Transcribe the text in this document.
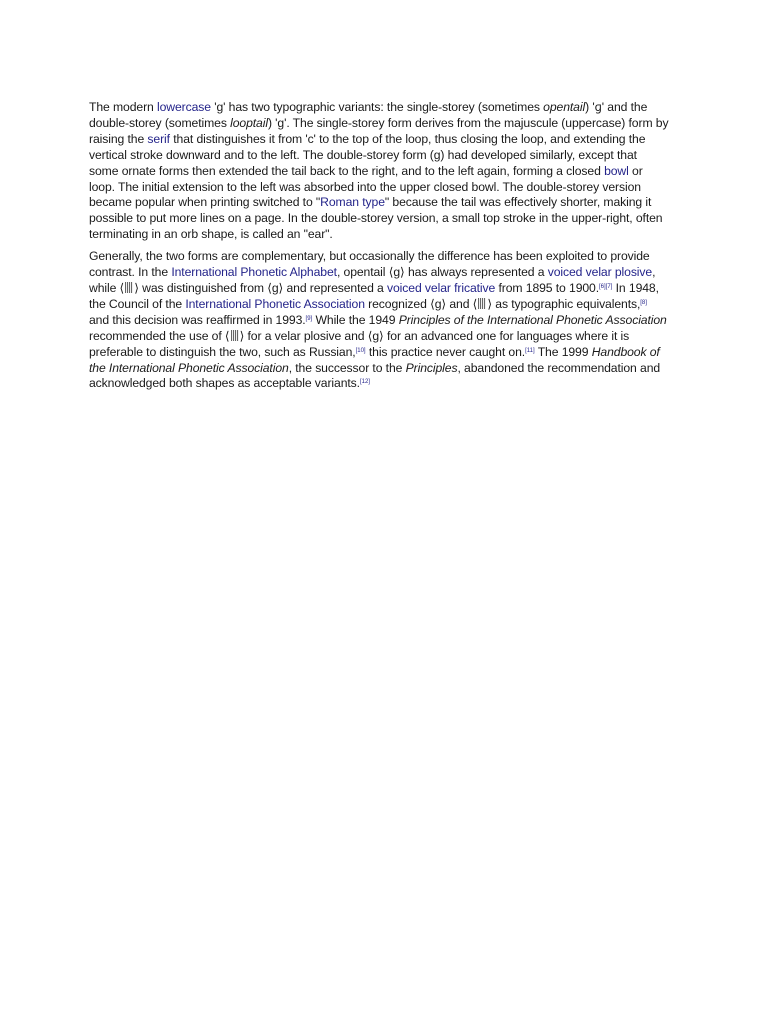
The modern lowercase 'g' has two typographic variants: the single-storey (sometimes opentail) 'ɡ' and the double-storey (sometimes looptail) 'g'. The single-storey form derives from the majuscule (uppercase) form by raising the serif that distinguishes it from 'c' to the top of the loop, thus closing the loop, and extending the vertical stroke downward and to the left. The double-storey form (g) had developed similarly, except that some ornate forms then extended the tail back to the right, and to the left again, forming a closed bowl or loop. The initial extension to the left was absorbed into the upper closed bowl. The double-storey version became popular when printing switched to "Roman type" because the tail was effectively shorter, making it possible to put more lines on a page. In the double-storey version, a small top stroke in the upper-right, often terminating in an orb shape, is called an "ear".

Generally, the two forms are complementary, but occasionally the difference has been exploited to provide contrast. In the International Phonetic Alphabet, opentail ⟨ɡ⟩ has always represented a voiced velar plosive, while ⟨ ⟩ was distinguished from ⟨ɡ⟩ and represented a voiced velar fricative from 1895 to 1900.[6][7] In 1948, the Council of the International Phonetic Association recognized ⟨ɡ⟩ and ⟨ ⟩ as typographic equivalents,[8] and this decision was reaffirmed in 1993.[9] While the 1949 Principles of the International Phonetic Association recommended the use of ⟨ ⟩ for a velar plosive and ⟨ɡ⟩ for an advanced one for languages where it is preferable to distinguish the two, such as Russian,[10] this practice never caught on.[11] The 1999 Handbook of the International Phonetic Association, the successor to the Principles, abandoned the recommendation and acknowledged both shapes as acceptable variants.[12]
